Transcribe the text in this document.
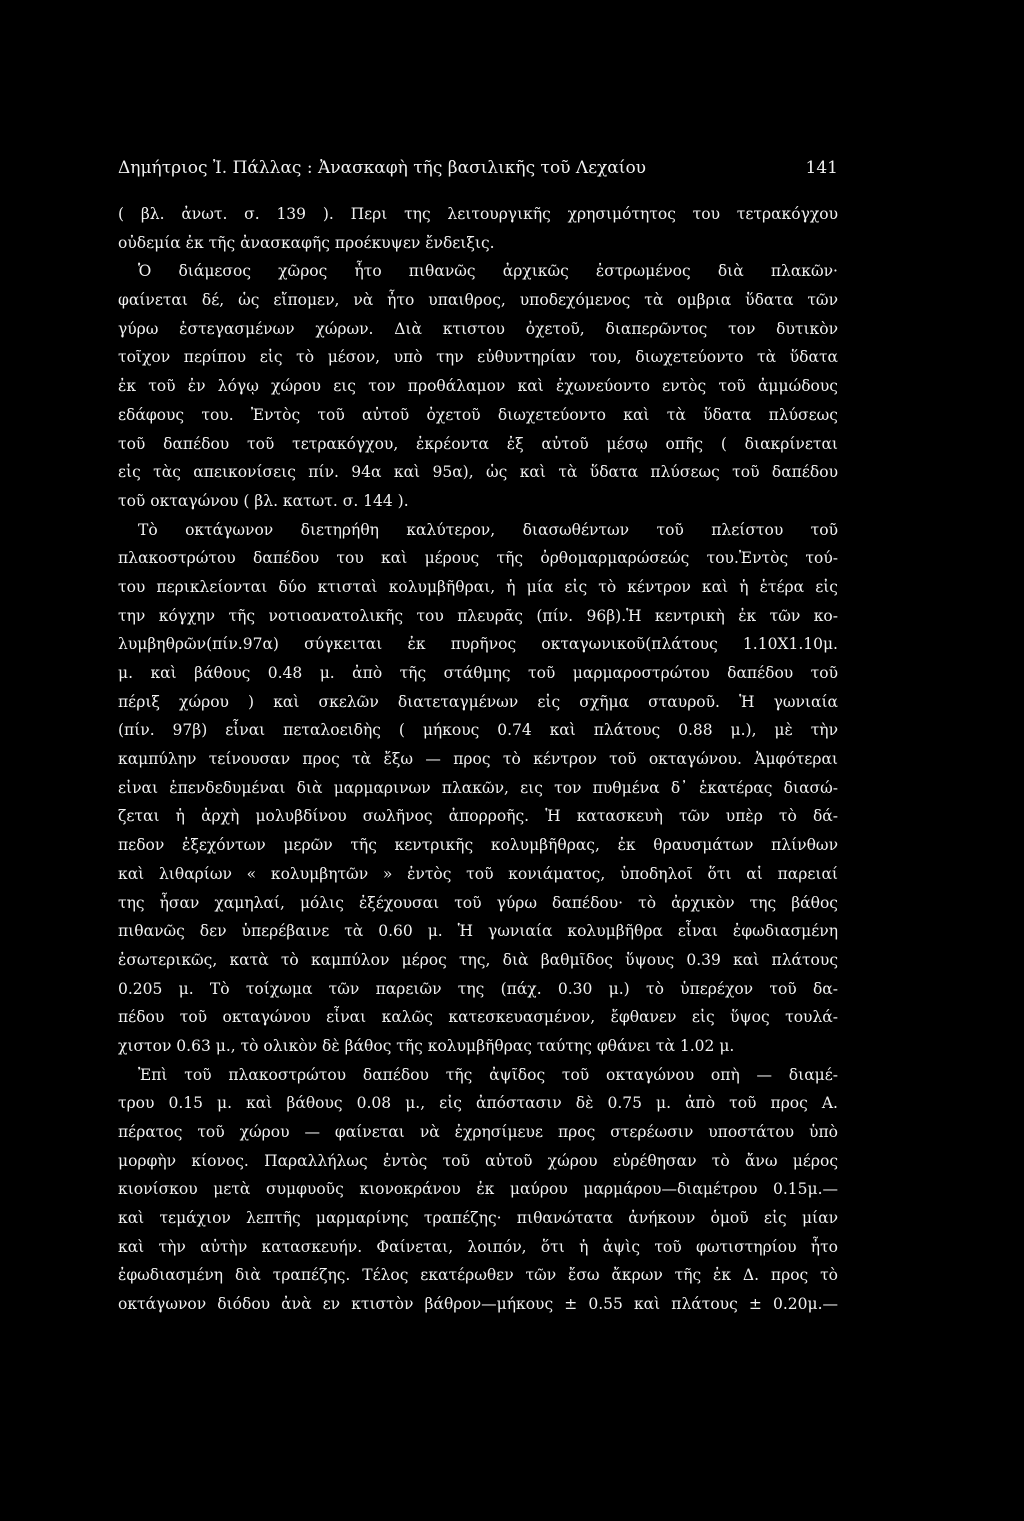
Δημήτριος Ἰ. Πάλλας : Ἀνασκαφὴ τῆς βασιλικῆς τοῦ Λεχαίου	141
( βλ. ἀνωτ. σ. 139 ). Περι της λειτουργικῆς χρησιμότητος του τετρακόγχου
οὐδεμία ἐκ τῆς ἀνασκαφῆς προέκυψεν ἔνδειξις.
Ὁ διάμεσος χῶρος ἦτο πιθανῶς ἀρχικῶς ἐστρωμένος διὰ πλακῶν·
φαίνεται δέ, ὡς εἴπομεν, νὰ ἦτο υπαιθρος, υποδεχόμενος τὰ ομβρια ὕδατα τῶν
γύρω ἐστεγασμένων χώρων. Διὰ κτιστου ὀχετοῦ, διαπερῶντος τον δυτικὸν
τοῖχον περίπου εἰς τὸ μέσον, υπὸ την εὐθυντηρίαν του, διωχετεύοντο τὰ ὕδατα
ἐκ τοῦ ἐν λόγῳ χώρου εις τον προθάλαμον καὶ ἐχωνεύοντο εντὸς τοῦ ἀμμώδους
εδάφους του. Ἐντὸς τοῦ αὐτοῦ ὀχετοῦ διωχετεύοντο καὶ τὰ ὕδατα πλύσεως
τοῦ δαπέδου τοῦ τετρακόγχου, ἐκρέοντα ἐξ αὐτοῦ μέσῳ οπῆς ( διακρίνεται
εἰς τὰς απεικονίσεις πίν. 94α καὶ 95α), ὡς καὶ τὰ ὕδατα πλύσεως τοῦ δαπέδου
τοῦ οκταγώνου ( βλ. κατωτ. σ. 144 ).
Τὸ οκτάγωνον διετηρήθη καλύτερον, διασωθέντων τοῦ πλείστου τοῦ
πλακοστρώτου δαπέδου του καὶ μέρους τῆς ὀρθομαρμαρώσεώς του.Ἐντὸς τού-
του περικλείονται δύο κτισταὶ κολυμβῆθραι, ἡ μία εἰς τὸ κέντρον καὶ ἡ ἑτέρα εἰς
την κόγχην τῆς νοτιοανατολικῆς του πλευρᾶς (πίν. 96β).Ἡ κεντρικὴ ἐκ τῶν κο-
λυμβηθρῶν(πίν.97α) σύγκειται ἐκ πυρῆνος οκταγωνικοῦ(πλάτους 1.10Χ1.10μ.
μ. καὶ βάθους 0.48 μ. ἀπὸ τῆς στάθμης τοῦ μαρμαροστρώτου δαπέδου τοῦ
πέριξ χώρου ) καὶ σκελῶν διατεταγμένων εἰς σχῆμα σταυροῦ. Ἡ γωνιαία
(πίν. 97β) εἶναι πεταλοειδὴς ( μήκους 0.74 καὶ πλάτους 0.88 μ.), μὲ τὴν
καμπύλην τείνουσαν προς τὰ ἔξω — προς τὸ κέντρον τοῦ οκταγώνου. Ἀμφότεραι
εἰναι ἐπενδεδυμέναι διὰ μαρμαρινων πλακῶν, εις τον πυθμένα δ᾽ ἑκατέρας διασώ-
ζεται ἡ ἀρχὴ μολυβδίνου σωλῆνος ἀπορροῆς. Ἡ κατασκευὴ τῶν υπὲρ τὸ δά-
πεδον ἐξεχόντων μερῶν τῆς κεντρικῆς κολυμβῆθρας, ἐκ θραυσμάτων πλίνθων
καὶ λιθαρίων « κολυμβητῶν » ἐντὸς τοῦ κονιάματος, ὑποδηλοῖ ὅτι αἱ παρειαί
της ἦσαν χαμηλαί, μόλις ἐξέχουσαι τοῦ γύρω δαπέδου· τὸ ἀρχικὸν της βάθος
πιθανῶς δεν ὑπερέβαινε τὰ 0.60 μ. Ἡ γωνιαία κολυμβῆθρα εἶναι ἐφωδιασμένη
ἐσωτερικῶς, κατὰ τὸ καμπύλον μέρος της, διὰ βαθμῖδος ὕψους 0.39 καὶ πλάτους
0.205 μ. Τὸ τοίχωμα τῶν παρειῶν της (πάχ. 0.30 μ.) τὸ ὑπερέχον τοῦ δα-
πέδου τοῦ οκταγώνου εἶναι καλῶς κατεσκευασμένον, ἔφθανεν εἰς ὕψος τουλά-
χιστον 0.63 μ., τὸ ολικὸν δὲ βάθος τῆς κολυμβῆθρας ταύτης φθάνει τὰ 1.02 μ.
Ἐπὶ τοῦ πλακοστρώτου δαπέδου τῆς ἀψῖδος τοῦ οκταγώνου οπὴ — διαμέ-
τρου 0.15 μ. καὶ βάθους 0.08 μ., εἰς ἀπόστασιν δὲ 0.75 μ. ἀπὸ τοῦ προς Α.
πέρατος τοῦ χώρου — φαίνεται νὰ ἐχρησίμευε προς στερέωσιν υποστάτου ὑπὸ
μορφὴν κίονος. Παραλλήλως ἐντὸς τοῦ αὐτοῦ χώρου εὑρέθησαν τὸ ἄνω μέρος
κιονίσκου μετὰ συμφυοῦς κιονοκράνου ἐκ μαύρου μαρμάρου—διαμέτρου 0.15μ.—
καὶ τεμάχιον λεπτῆς μαρμαρίνης τραπέζης· πιθανώτατα ἀνήκουν ὁμοῦ εἰς μίαν
καὶ τὴν αὐτὴν κατασκευήν. Φαίνεται, λοιπόν, ὅτι ἡ ἀψὶς τοῦ φωτιστηρίου ἦτο
ἐφωδιασμένη διὰ τραπέζης. Τέλος εκατέρωθεν τῶν ἔσω ἄκρων τῆς ἐκ Δ. προς τὸ
οκτάγωνον διόδου ἀνὰ εν κτιστὸν βάθρον—μήκους ± 0.55 καὶ πλάτους ± 0.20μ.—
